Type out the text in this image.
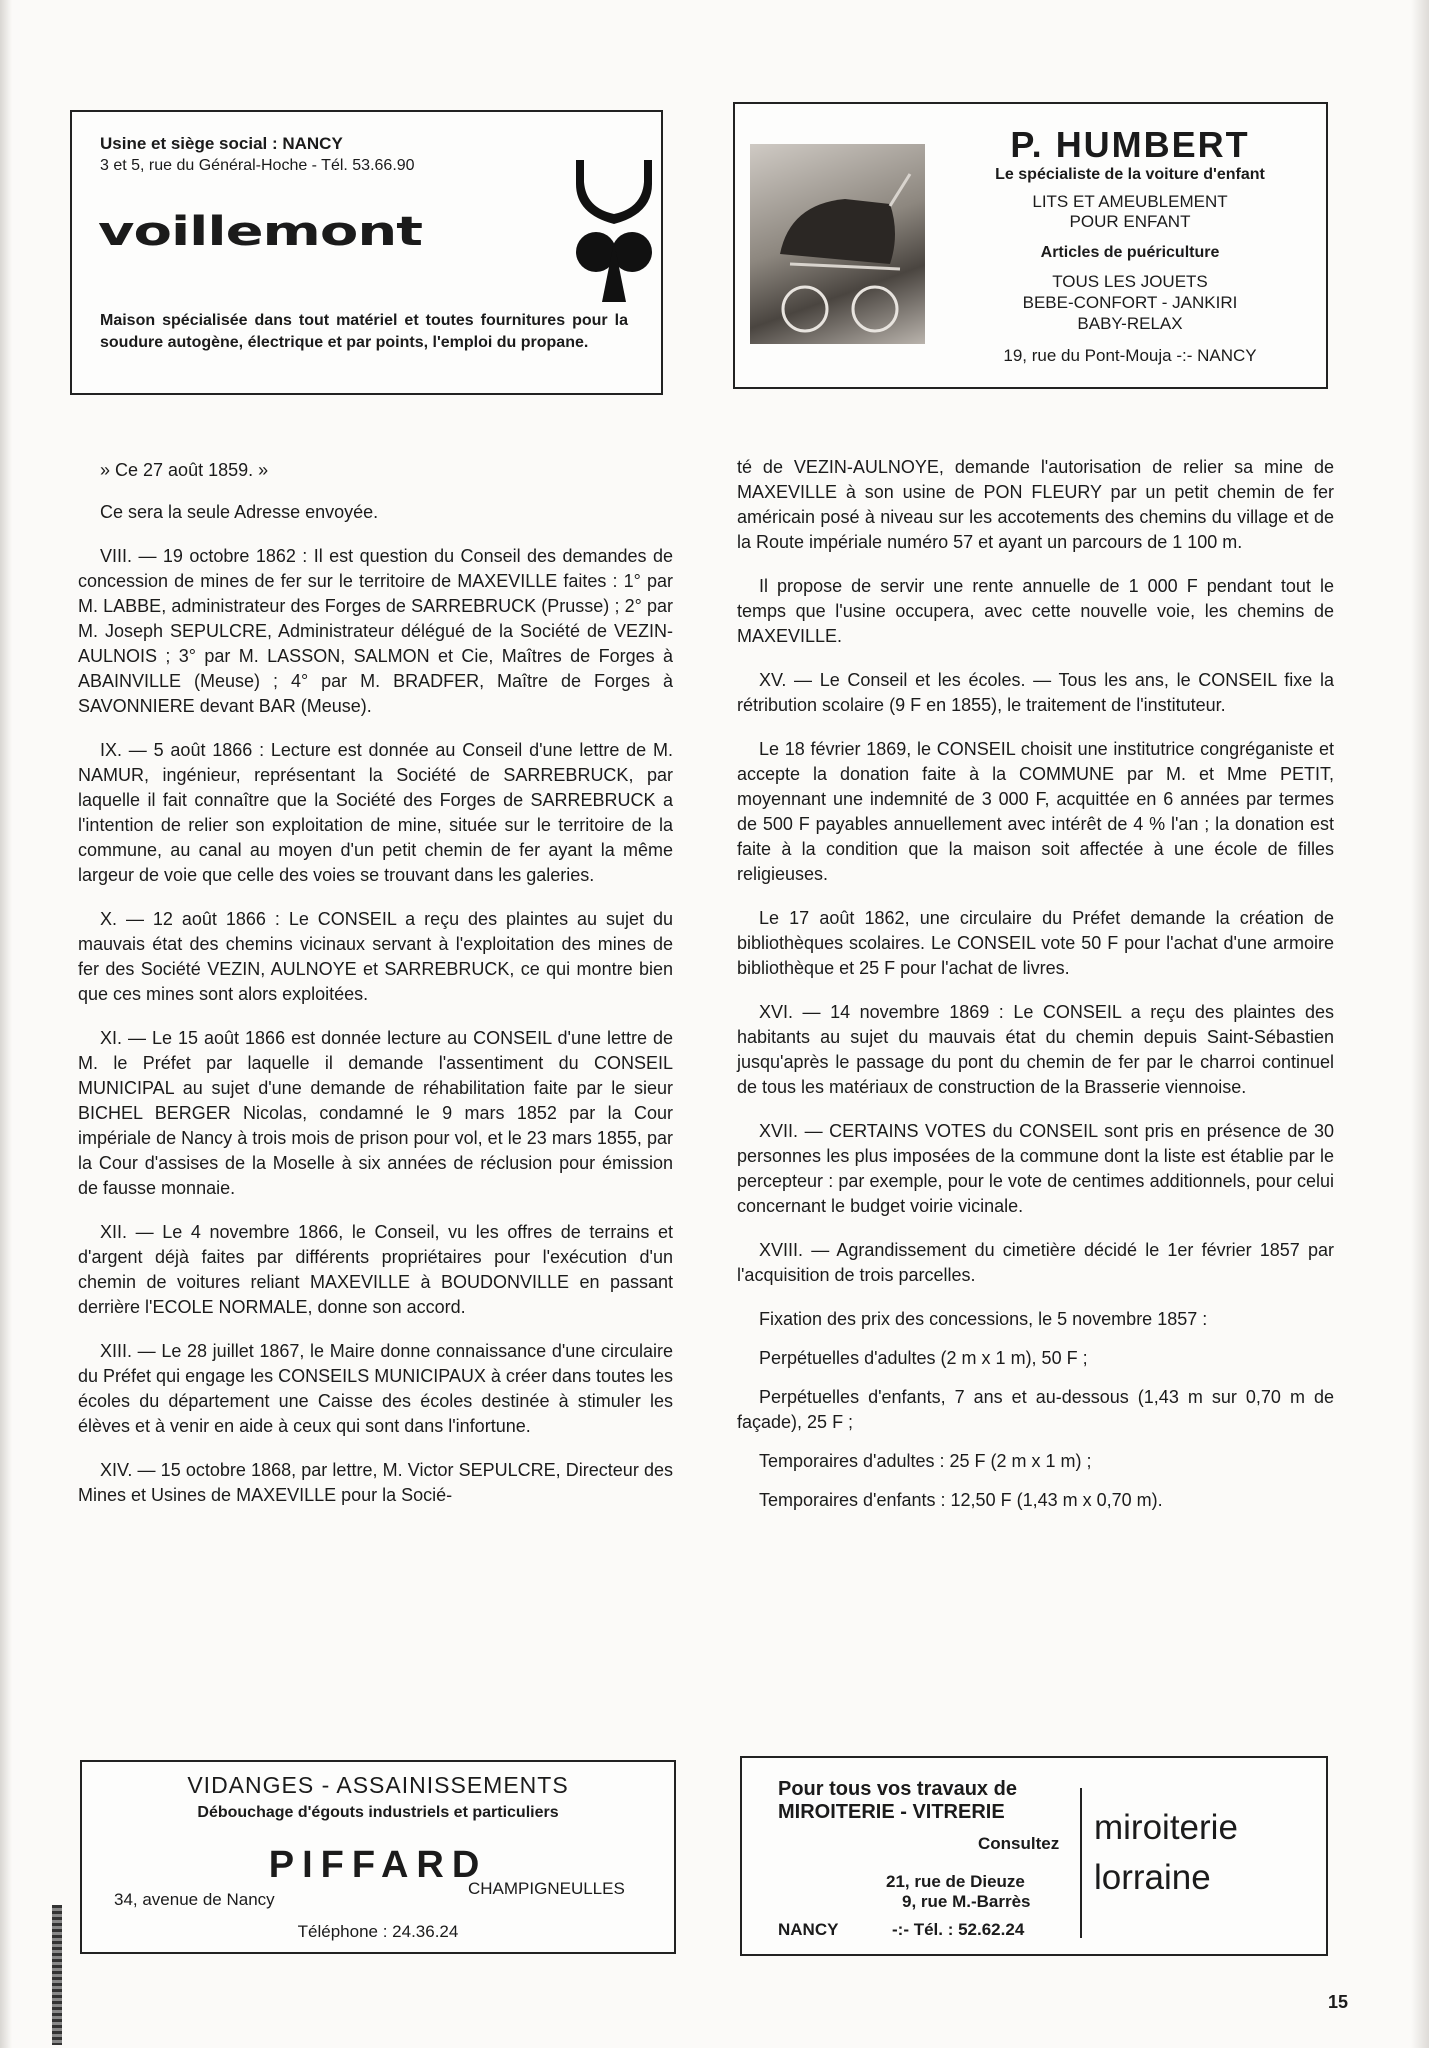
Usine et siège social : NANCY
3 et 5, rue du Général-Hoche - Tél. 53.66.90
voillemont
Maison spécialisée dans tout matériel et toutes fournitures pour la soudure autogène, électrique et par points, l'emploi du propane.
P. HUMBERT
Le spécialiste de la voiture d'enfant
LITS ET AMEUBLEMENT
POUR ENFANT
Articles de puériculture
TOUS LES JOUETS
BEBE-CONFORT - JANKIRI
BABY-RELAX
19, rue du Pont-Mouja -:- NANCY

» Ce 27 août 1859. »

Ce sera la seule Adresse envoyée.

VIII. — 19 octobre 1862 : Il est question du Conseil des demandes de concession de mines de fer sur le territoire de MAXEVILLE faites : 1° par M. LABBE, administrateur des Forges de SARREBRUCK (Prusse) ; 2° par M. Joseph SEPULCRE, Administrateur délégué de la Société de VEZIN-AULNOIS ; 3° par M. LASSON, SALMON et Cie, Maîtres de Forges à ABAINVILLE (Meuse) ; 4° par M. BRADFER, Maître de Forges à SAVONNIERE devant BAR (Meuse).

IX. — 5 août 1866 : Lecture est donnée au Conseil d'une lettre de M. NAMUR, ingénieur, représentant la Société de SARREBRUCK, par laquelle il fait connaître que la Société des Forges de SARREBRUCK a l'intention de relier son exploitation de mine, située sur le territoire de la commune, au canal au moyen d'un petit chemin de fer ayant la même largeur de voie que celle des voies se trouvant dans les galeries.

X. — 12 août 1866 : Le CONSEIL a reçu des plaintes au sujet du mauvais état des chemins vicinaux servant à l'exploitation des mines de fer des Société VEZIN, AULNOYE et SARREBRUCK, ce qui montre bien que ces mines sont alors exploitées.

XI. — Le 15 août 1866 est donnée lecture au CONSEIL d'une lettre de M. le Préfet par laquelle il demande l'assentiment du CONSEIL MUNICIPAL au sujet d'une demande de réhabilitation faite par le sieur BICHEL BERGER Nicolas, condamné le 9 mars 1852 par la Cour impériale de Nancy à trois mois de prison pour vol, et le 23 mars 1855, par la Cour d'assises de la Moselle à six années de réclusion pour émission de fausse monnaie.

XII. — Le 4 novembre 1866, le Conseil, vu les offres de terrains et d'argent déjà faites par différents propriétaires pour l'exécution d'un chemin de voitures reliant MAXEVILLE à BOUDONVILLE en passant derrière l'ECOLE NORMALE, donne son accord.

XIII. — Le 28 juillet 1867, le Maire donne connaissance d'une circulaire du Préfet qui engage les CONSEILS MUNICIPAUX à créer dans toutes les écoles du département une Caisse des écoles destinée à stimuler les élèves et à venir en aide à ceux qui sont dans l'infortune.

XIV. — 15 octobre 1868, par lettre, M. Victor SEPULCRE, Directeur des Mines et Usines de MAXEVILLE pour la Socié-

té de VEZIN-AULNOYE, demande l'autorisation de relier sa mine de MAXEVILLE à son usine de PON FLEURY par un petit chemin de fer américain posé à niveau sur les accotements des chemins du village et de la Route impériale numéro 57 et ayant un parcours de 1 100 m.

Il propose de servir une rente annuelle de 1 000 F pendant tout le temps que l'usine occupera, avec cette nouvelle voie, les chemins de MAXEVILLE.

XV. — Le Conseil et les écoles. — Tous les ans, le CONSEIL fixe la rétribution scolaire (9 F en 1855), le traitement de l'instituteur.

Le 18 février 1869, le CONSEIL choisit une institutrice congréganiste et accepte la donation faite à la COMMUNE par M. et Mme PETIT, moyennant une indemnité de 3 000 F, acquittée en 6 années par termes de 500 F payables annuellement avec intérêt de 4 % l'an ; la donation est faite à la condition que la maison soit affectée à une école de filles religieuses.

Le 17 août 1862, une circulaire du Préfet demande la création de bibliothèques scolaires. Le CONSEIL vote 50 F pour l'achat d'une armoire bibliothèque et 25 F pour l'achat de livres.

XVI. — 14 novembre 1869 : Le CONSEIL a reçu des plaintes des habitants au sujet du mauvais état du chemin depuis Saint-Sébastien jusqu'après le passage du pont du chemin de fer par le charroi continuel de tous les matériaux de construction de la Brasserie viennoise.

XVII. — CERTAINS VOTES du CONSEIL sont pris en présence de 30 personnes les plus imposées de la commune dont la liste est établie par le percepteur : par exemple, pour le vote de centimes additionnels, pour celui concernant le budget voirie vicinale.

XVIII. — Agrandissement du cimetière décidé le 1er février 1857 par l'acquisition de trois parcelles.

Fixation des prix des concessions, le 5 novembre 1857 :

Perpétuelles d'adultes (2 m x 1 m), 50 F ;

Perpétuelles d'enfants, 7 ans et au-dessous (1,43 m sur 0,70 m de façade), 25 F ;

Temporaires d'adultes : 25 F (2 m x 1 m) ;

Temporaires d'enfants : 12,50 F (1,43 m x 0,70 m).

VIDANGES - ASSAINISSEMENTS
Débouchage d'égouts industriels et particuliers
PIFFARD
34, avenue de Nancy
CHAMPIGNEULLES
Téléphone : 24.36.24
Pour tous vos travaux de
MIROITERIE - VITRERIE
Consultez
21, rue de Dieuze
9, rue M.-Barrès
NANCY	-:- Tél. : 52.62.24
miroiterie
lorraine
15
